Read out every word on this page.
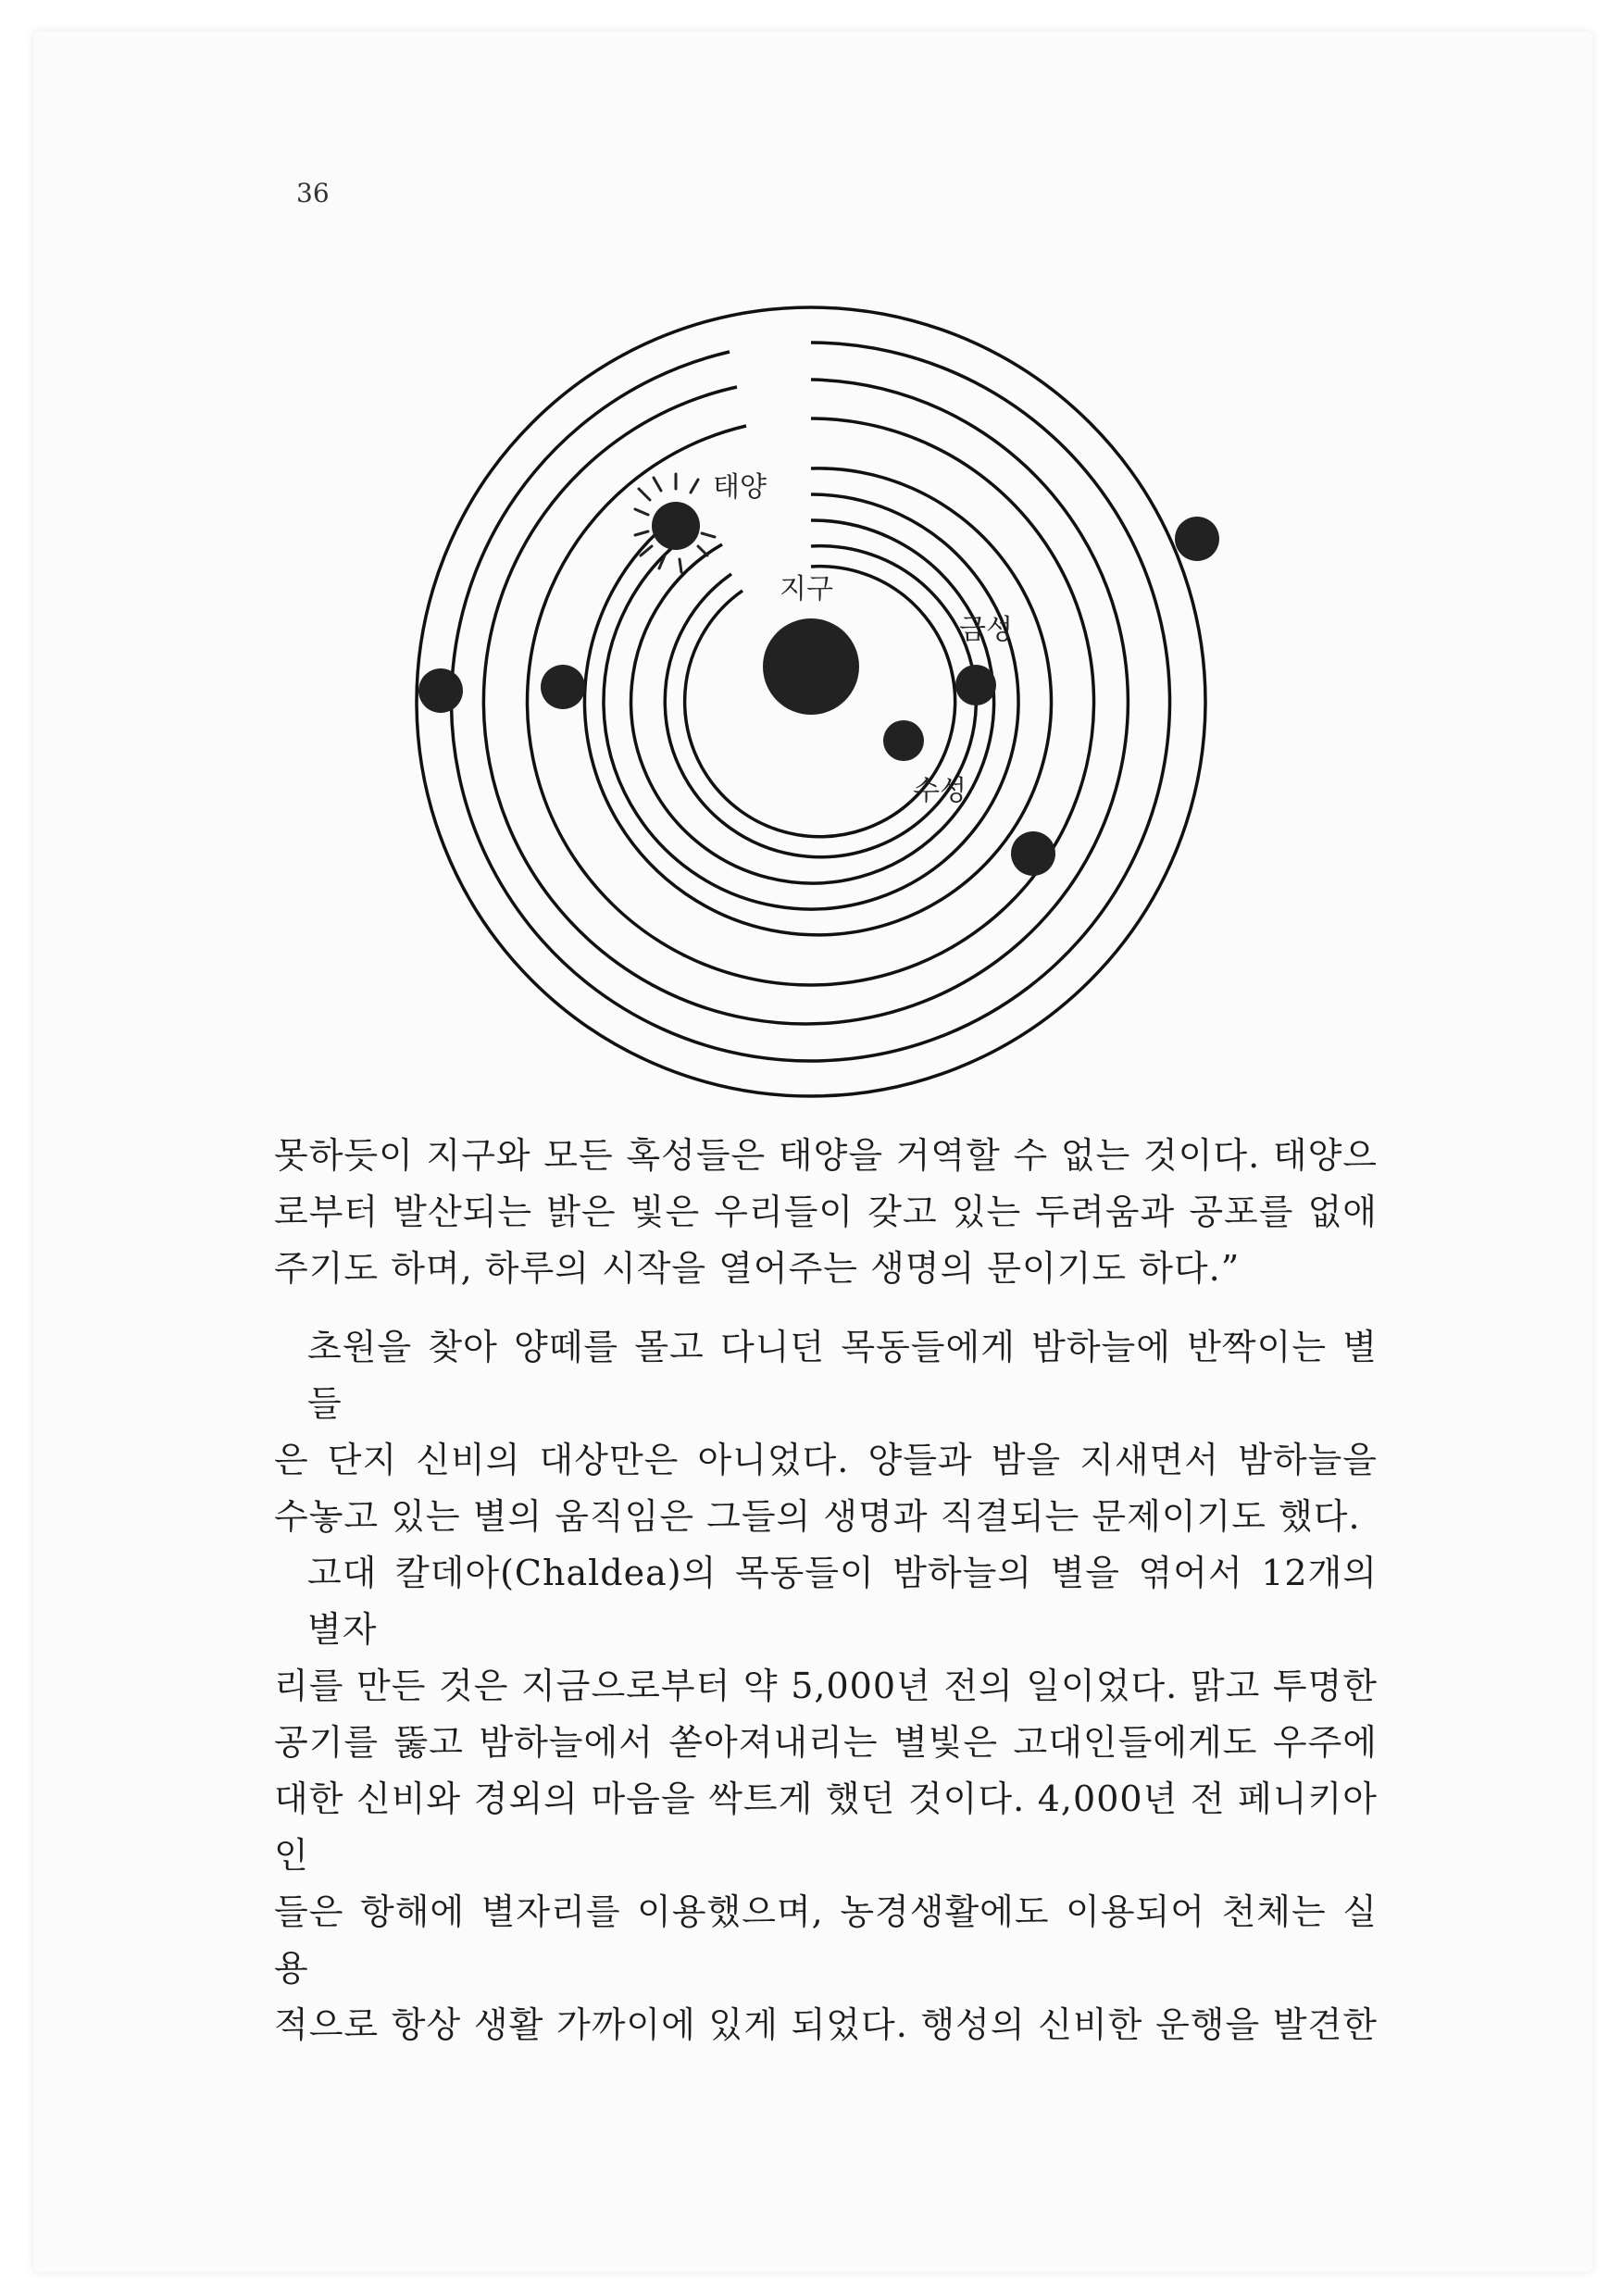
36
태양
지구
금성
수성

못하듯이 지구와 모든 혹성들은 태양을 거역할 수 없는 것이다. 태양으

로부터 발산되는 밝은 빛은 우리들이 갖고 있는 두려움과 공포를 없애

주기도 하며, 하루의 시작을 열어주는 생명의 문이기도 하다.”

초원을 찾아 양떼를 몰고 다니던 목동들에게 밤하늘에 반짝이는 별들

은 단지 신비의 대상만은 아니었다. 양들과 밤을 지새면서 밤하늘을

수놓고 있는 별의 움직임은 그들의 생명과 직결되는 문제이기도 했다.

고대 칼데아(Chaldea)의 목동들이 밤하늘의 별을 엮어서 12개의 별자

리를 만든 것은 지금으로부터 약 5,000년 전의 일이었다. 맑고 투명한

공기를 뚫고 밤하늘에서 쏟아져내리는 별빛은 고대인들에게도 우주에

대한 신비와 경외의 마음을 싹트게 했던 것이다. 4,000년 전 페니키아인

들은 항해에 별자리를 이용했으며, 농경생활에도 이용되어 천체는 실용

적으로 항상 생활 가까이에 있게 되었다. 행성의 신비한 운행을 발견한
